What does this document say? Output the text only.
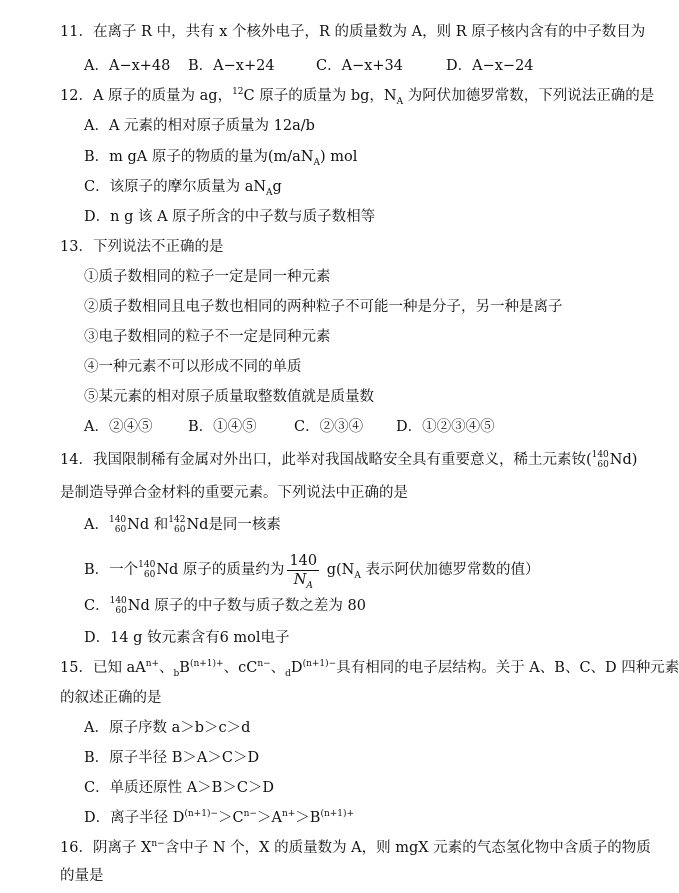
11．在离子 R 中，共有 x 个核外电子，R 的质量数为 A，则 R 原子核内含有的中子数目为
A．A−x+48 B．A−x+24	C．A−x+34	D．A−x−24
12．A 原子的质量为 ag，$^{12}$C 原子的质量为 bg，$N_A$ 为阿伏加德罗常数，下列说法正确的是
A．A 元素的相对原子质量为 12a/b
B．m gA 原子的物质的量为$(m/aN_A)$ mol
C．该原子的摩尔质量为 $aN_Ag$
D．n g 该 A 原子所含的中子数与质子数相等
13．下列说法不正确的是
①质子数相同的粒子一定是同一种元素
②质子数相同且电子数也相同的两种粒子不可能一种是分子，另一种是离子
③电子数相同的粒子不一定是同种元素
④一种元素不可以形成不同的单质
⑤某元素的相对原子质量取整数值就是质量数
A．②④⑤ B．①④⑤	C．②③④ D．①②③④⑤
14．我国限制稀有金属对外出口，此举对我国战略安全具有重要意义，稀土元素钕( 140
60 Nd)
是制造导弹合金材料的重要元素。下列说法中正确的是
A． 140
60 Nd 和 142
60 Nd是同一核素
B．一个 140
60 Nd 原子的质量约为 $\frac{140}{N_A} g(N_A$ 表示阿伏加德罗常数的值）
C． 140
60 Nd 原子的中子数与质子数之差为 80
D．14 g 钕元素含有6 mol电子
15．已知 $aA^{n+}$、$_bB^{(n+1)+}$、$cC^{n-}$、$_dD^{(n+1)-}$具有相同的电子层结构。关于 A、B、C、D 四种元素
的叙述正确的是
A．原子序数 a＞b＞c＞d
B．原子半径 B＞A＞C＞D
C．单质还原性 A＞B＞C＞D
D．离子半径 $D^{(n+1)-}>C^{n-}>A^{n+}>B^{(n+1)+}$
16．阴离子 $X^{n-}$含中子 N 个，X 的质量数为 A，则 mgX 元素的气态氢化物中含质子的物质
的量是
